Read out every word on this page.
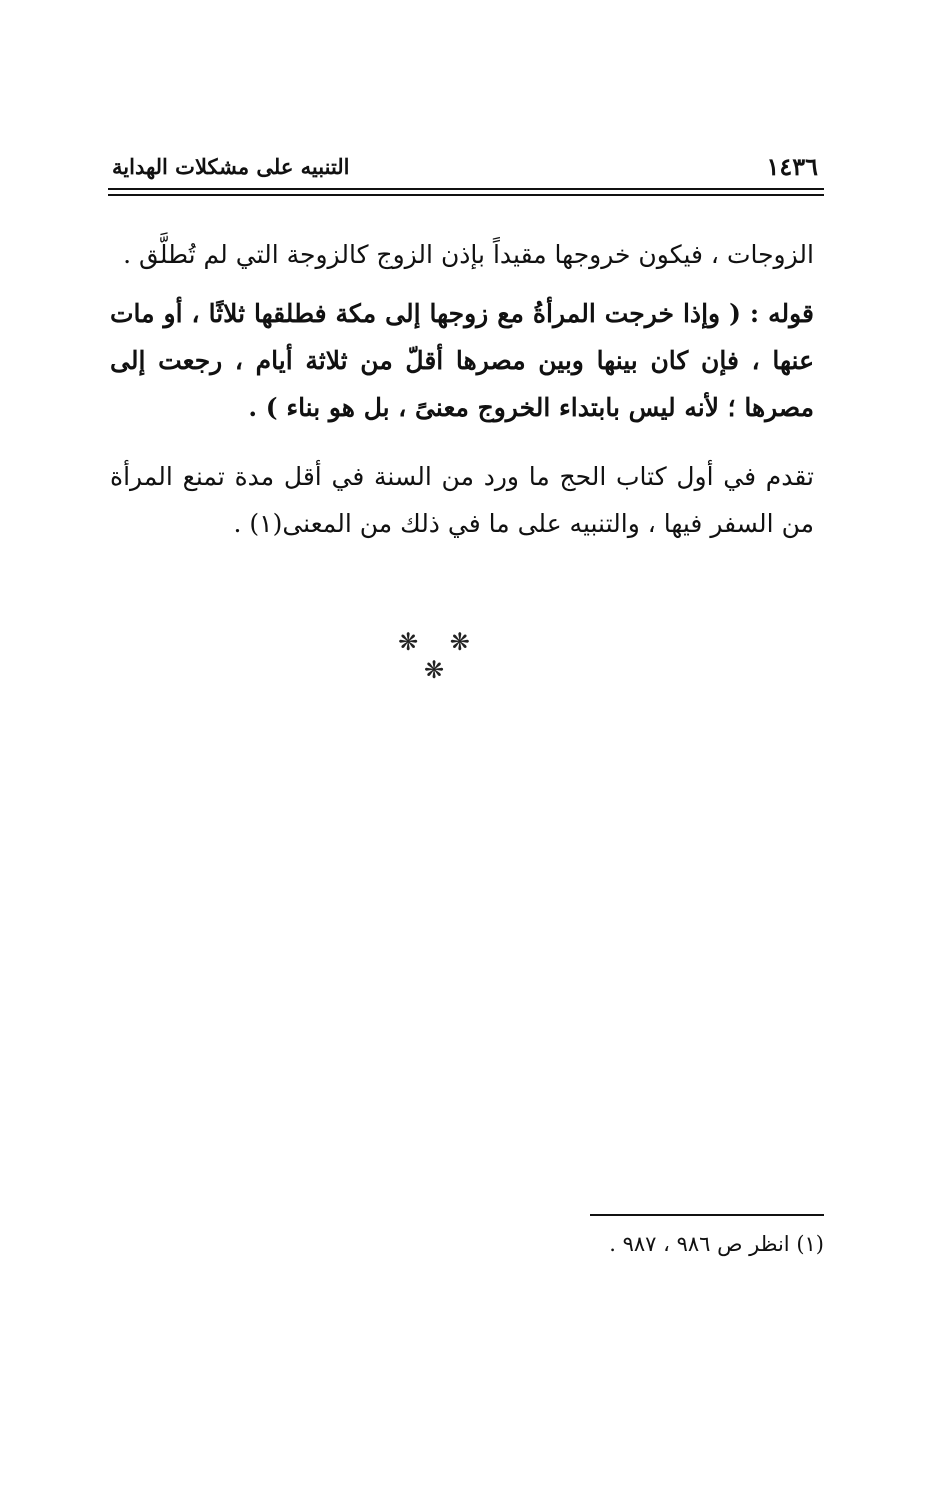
١٤٣٦
التنبيه على مشكلات الهداية

الزوجات ، فيكون خروجها مقيداً بإذن الزوج كالزوجة التي لم تُطلَّق .

قوله : ( وإذا خرجت المرأةُ مع زوجها إلى مكة فطلقها ثلاثًا ، أو مات عنها ، فإن كان بينها وبين مصرها أقلّ من ثلاثة أيام ، رجعت إلى مصرها ؛ لأنه ليس بابتداء الخروج معنىً ، بل هو بناء ) .

تقدم في أول كتاب الحج ما ورد من السنة في أقل مدة تمنع المرأة من السفر فيها ، والتنبيه على ما في ذلك من المعنى(١) .

❋ ❋ ❋
(١) انظر ص ٩٨٦ ، ٩٨٧ .
